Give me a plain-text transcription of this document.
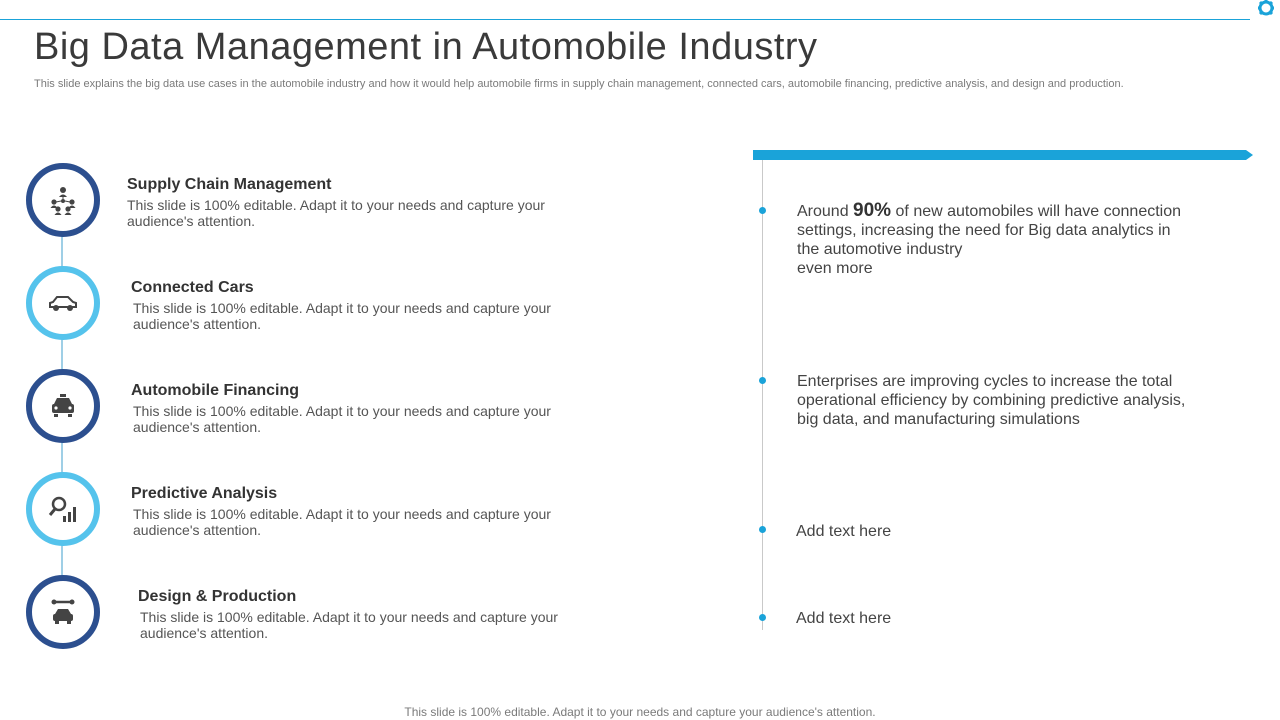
Big Data Management in Automobile Industry
This slide explains the big data use cases in the automobile industry and how it would help automobile firms in supply chain management, connected cars, automobile financing, predictive analysis, and design and production.
Supply Chain Management
This slide is 100% editable. Adapt it to your needs and capture your audience's attention.
Connected Cars
This slide is 100% editable. Adapt it to your needs and capture your audience's attention.
Automobile Financing
This slide is 100% editable. Adapt it to your needs and capture your audience's attention.
Predictive Analysis
This slide is 100% editable. Adapt it to your needs and capture your audience's attention.
Design & Production
This slide is 100% editable. Adapt it to your needs and capture your audience's attention.
Around 90% of new automobiles will have connection settings, increasing the need for Big data analytics in the automotive industry
even more
Enterprises are improving cycles to increase the total operational efficiency by combining predictive analysis, big data, and manufacturing simulations
Add text here
Add text here
This slide is 100% editable. Adapt it to your needs and capture your audience's attention.
